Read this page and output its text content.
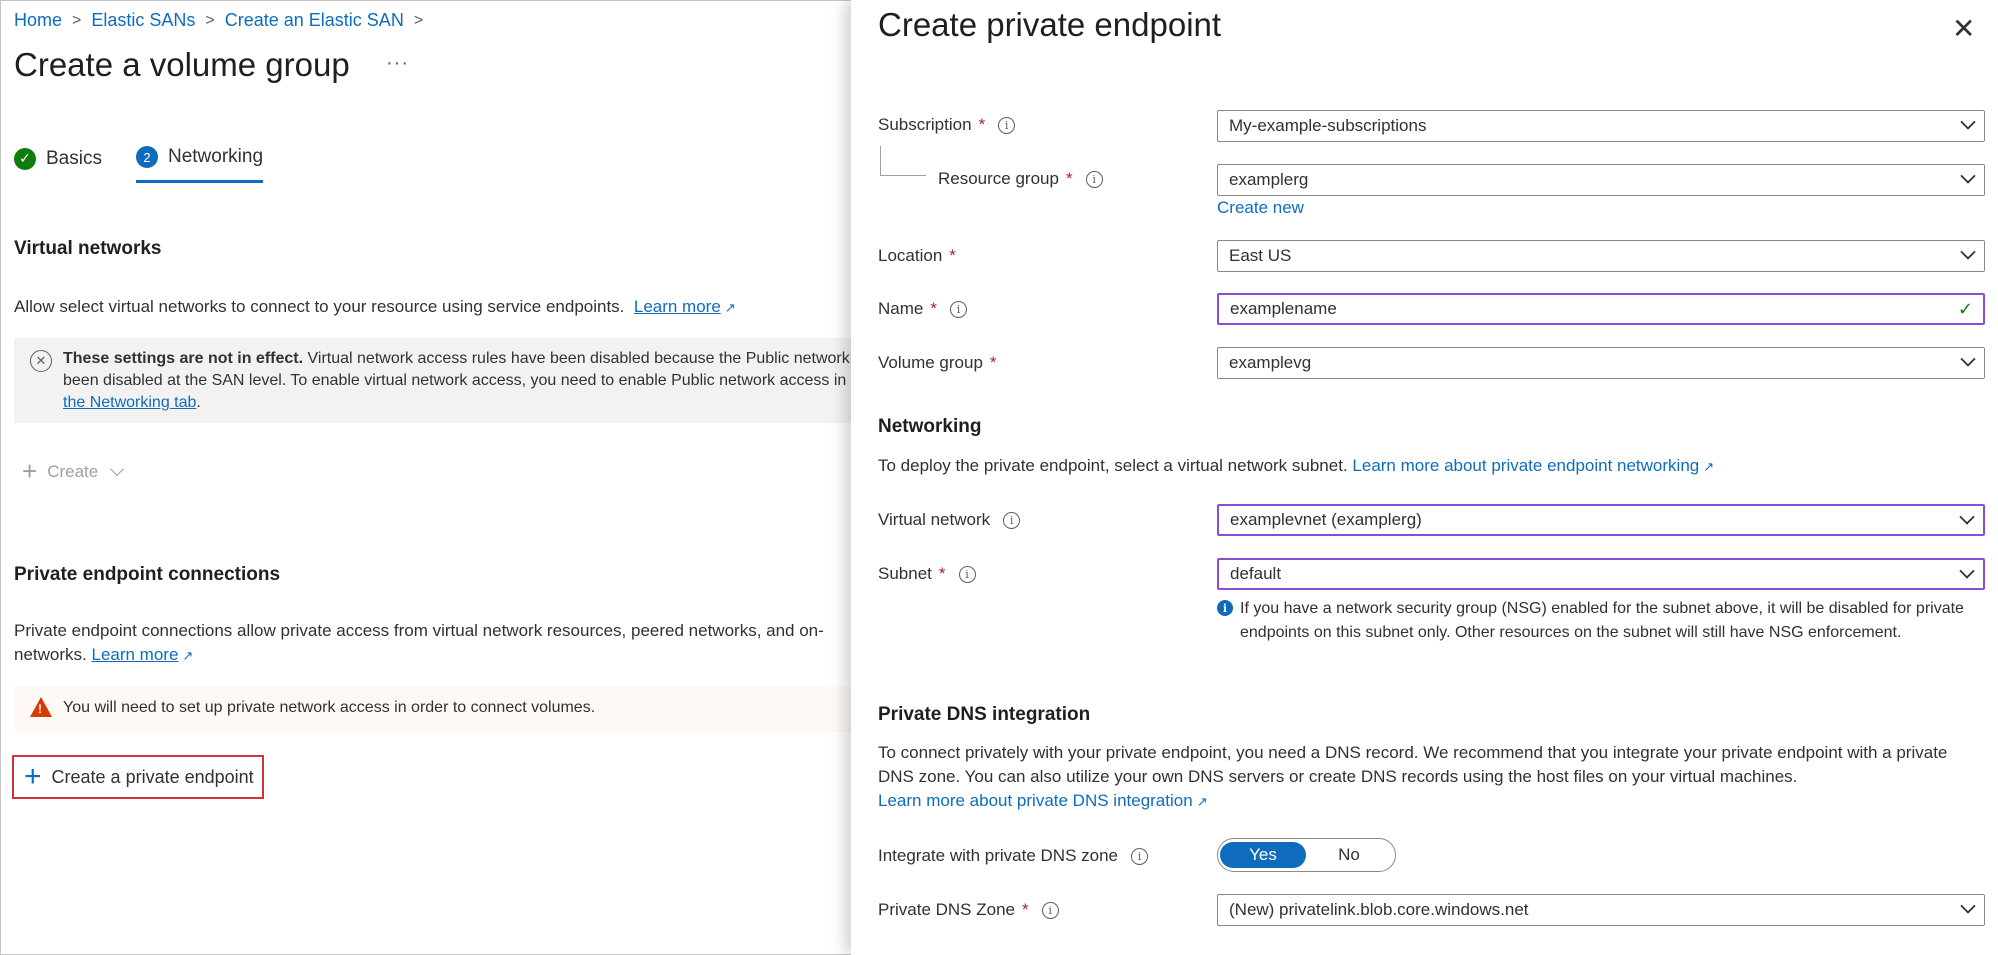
Home > Elastic SANs > Create an Elastic SAN >
Create a volume group ···
✓ Basics	2 Networking
Virtual networks

Allow select virtual networks to connect to your resource using service endpoints. Learn more ↗

✕	These settings are not in effect. Virtual network access rules have been disabled because the Public network
been disabled at the SAN level. To enable virtual network access, you need to enable Public network access in
the Networking tab.
+ Create
Private endpoint connections

Private endpoint connections allow private access from virtual network resources, peered networks, and on-
networks. Learn more ↗

! You will need to set up private network access in order to connect volumes.
+ Create a private endpoint
Create private endpoint	✕
Subscription *	i	My-example-subscriptions
Resource group *	i	examplerg
Create new
Location *	East US
Name *	i	examplename	✓
Volume group *	examplevg
Networking

To deploy the private endpoint, select a virtual network subnet. Learn more about private endpoint networking ↗

Virtual network	i	examplevnet (examplerg)
Subnet *	i	default
i If you have a network security group (NSG) enabled for the subnet above, it will be disabled for private endpoints on this subnet only. Other resources on the subnet will still have NSG enforcement.

Private DNS integration

To connect privately with your private endpoint, you need a DNS record. We recommend that you integrate your private endpoint with a private DNS zone. You can also utilize your own DNS servers or create DNS records using the host files on your virtual machines.
Learn more about private DNS integration ↗

Integrate with private DNS zone	i	Yes	No
Private DNS Zone *	i	(New) privatelink.blob.core.windows.net
